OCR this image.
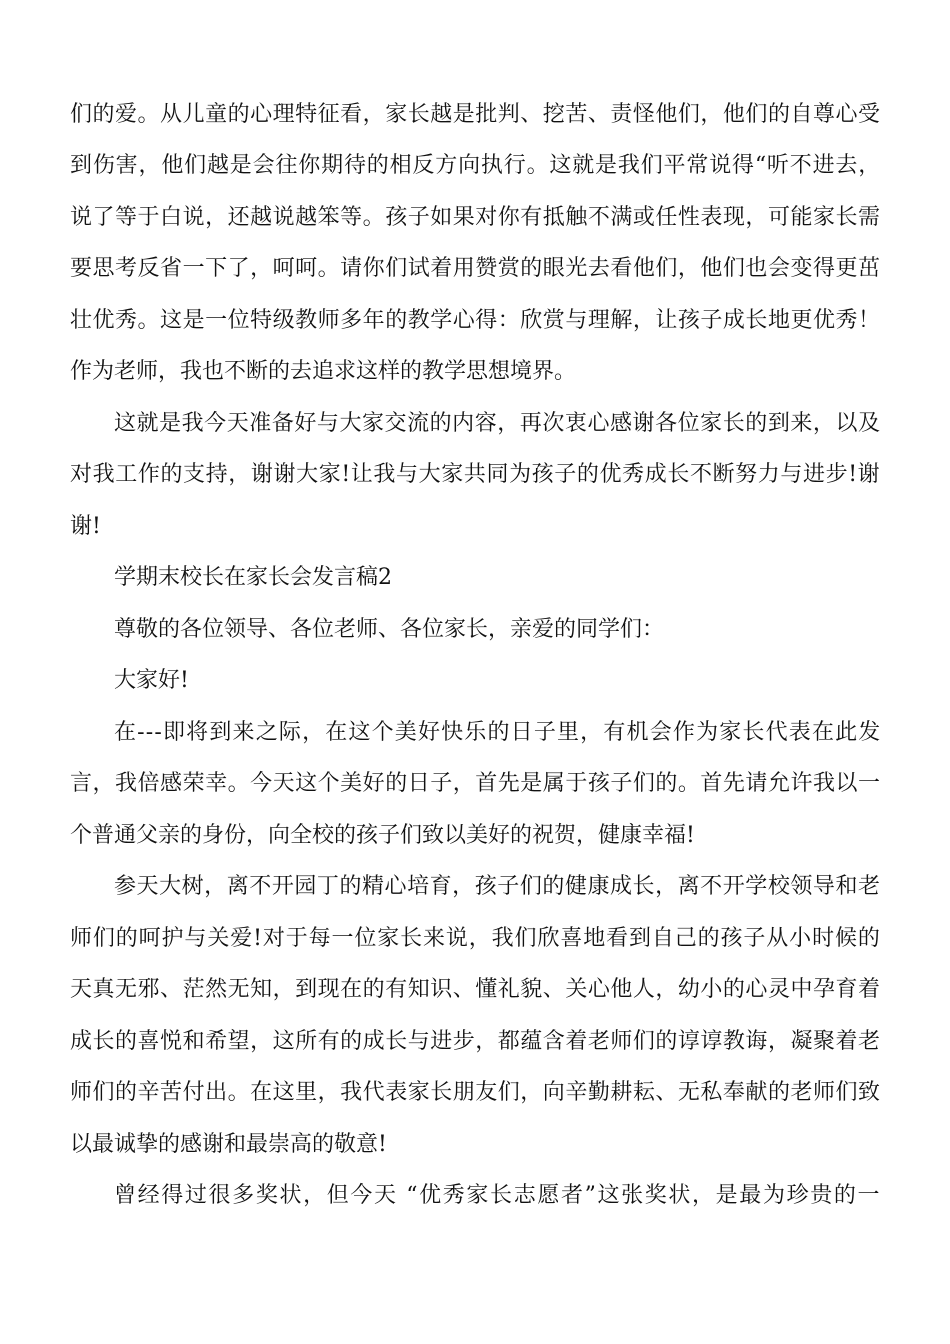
们的爱。从儿童的心理特征看，家长越是批判、挖苦、责怪他们，他们的自尊心受
到伤害，他们越是会往你期待的相反方向执行。这就是我们平常说得“听不进去，
说了等于白说，还越说越笨等。孩子如果对你有抵触不满或任性表现，可能家长需
要思考反省一下了，呵呵。请你们试着用赞赏的眼光去看他们，他们也会变得更茁
壮优秀。这是一位特级教师多年的教学心得：欣赏与理解，让孩子成长地更优秀！
作为老师，我也不断的去追求这样的教学思想境界。
这就是我今天准备好与大家交流的内容，再次衷心感谢各位家长的到来，以及
对我工作的支持，谢谢大家!让我与大家共同为孩子的优秀成长不断努力与进步!谢
谢!
学期末校长在家长会发言稿2
尊敬的各位领导、各位老师、各位家长，亲爱的同学们：
大家好!
在---即将到来之际，在这个美好快乐的日子里，有机会作为家长代表在此发
言，我倍感荣幸。今天这个美好的日子，首先是属于孩子们的。首先请允许我以一
个普通父亲的身份，向全校的孩子们致以美好的祝贺，健康幸福!
参天大树，离不开园丁的精心培育，孩子们的健康成长，离不开学校领导和老
师们的呵护与关爱!对于每一位家长来说，我们欣喜地看到自己的孩子从小时候的
天真无邪、茫然无知，到现在的有知识、懂礼貌、关心他人，幼小的心灵中孕育着
成长的喜悦和希望，这所有的成长与进步，都蕴含着老师们的谆谆教诲，凝聚着老
师们的辛苦付出。在这里，我代表家长朋友们，向辛勤耕耘、无私奉献的老师们致
以最诚挚的感谢和最崇高的敬意!
曾经得过很多奖状，但今天 “优秀家长志愿者”这张奖状，是最为珍贵的一
